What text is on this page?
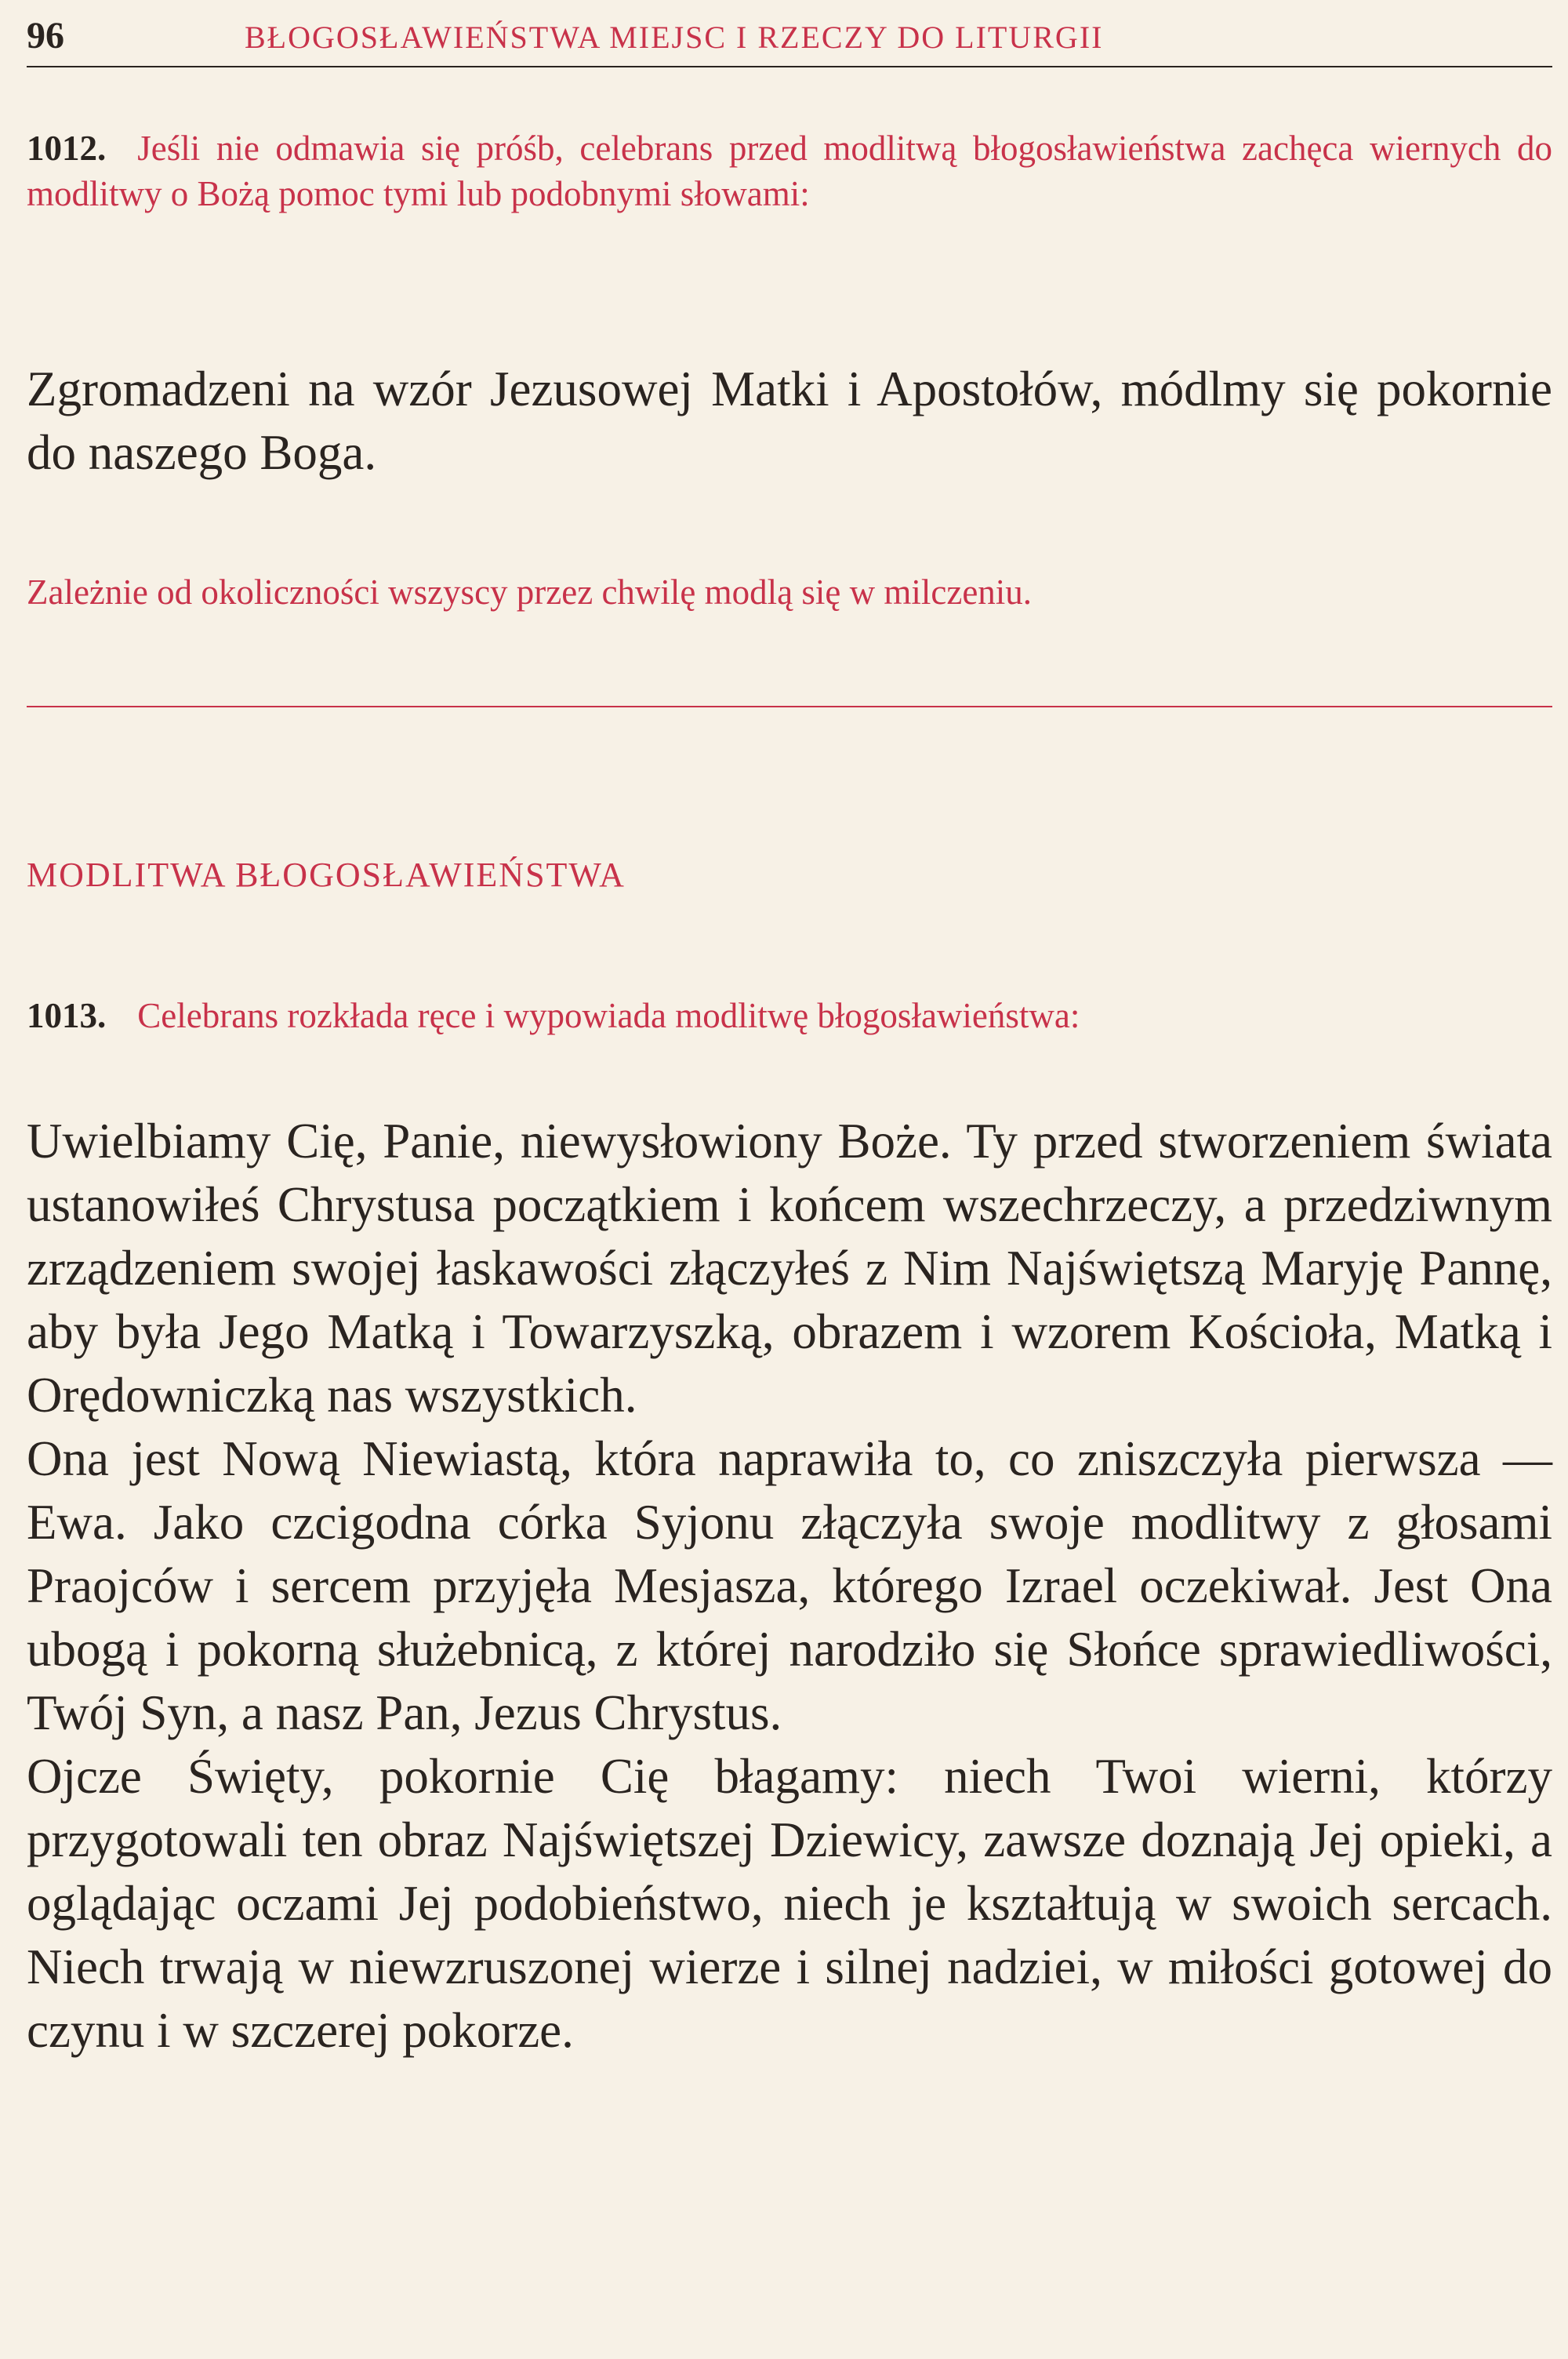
96	BŁOGOSŁAWIEŃSTWA MIEJSC I RZECZY DO LITURGII
1012. Jeśli nie odmawia się próśb, celebrans przed modlitwą błogosławieństwa zachęca wiernych do modlitwy o Bożą pomoc tymi lub podobnymi słowami:

Zgromadzeni na wzór Jezusowej Matki i Apostołów, módlmy się pokornie do naszego Boga.

Zależnie od okoliczności wszyscy przez chwilę modlą się w milczeniu.
MODLITWA BŁOGOSŁAWIEŃSTWA
1013. Celebrans rozkłada ręce i wypowiada modlitwę błogosławieństwa:

Uwielbiamy Cię, Panie, niewysłowiony Boże. Ty przed stworzeniem świata ustanowiłeś Chrystusa początkiem i końcem wszechrzeczy, a przedziwnym zrządzeniem swojej łaskawości złączyłeś z Nim Najświętszą Maryję Pannę, aby była Jego Matką i Towarzyszką, obrazem i wzorem Kościoła, Matką i Orędowniczką nas wszystkich.

Ona jest Nową Niewiastą, która naprawiła to, co zniszczyła pierwsza — Ewa. Jako czcigodna córka Syjonu złączyła swoje modlitwy z głosami Praojców i sercem przyjęła Mesjasza, którego Izrael oczekiwał. Jest Ona ubogą i pokorną służebnicą, z której narodziło się Słońce sprawiedliwości, Twój Syn, a nasz Pan, Jezus Chrystus.

Ojcze Święty, pokornie Cię błagamy: niech Twoi wierni, którzy przygotowali ten obraz Najświętszej Dziewicy, zawsze doznają Jej opieki, a oglądając oczami Jej podobieństwo, niech je kształtują w swoich sercach. Niech trwają w niewzruszonej wierze i silnej nadziei, w miłości gotowej do czynu i w szczerej pokorze.
